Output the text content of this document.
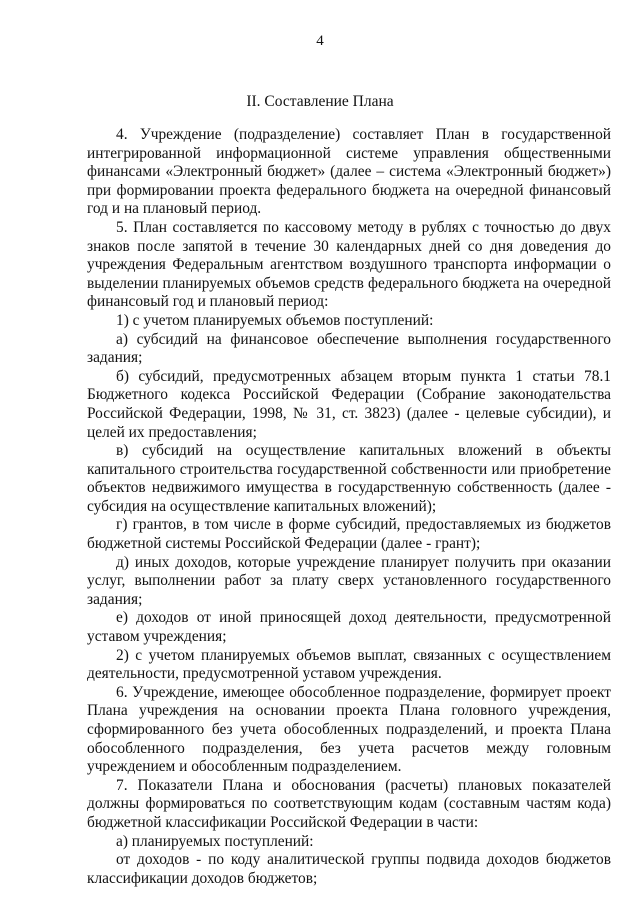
4
II. Составление Плана

4. Учреждение (подразделение) составляет План в государственной интегрированной информационной системе управления общественными финансами «Электронный бюджет» (далее – система «Электронный бюджет») при формировании проекта федерального бюджета на очередной финансовый год и на плановый период.

5. План составляется по кассовому методу в рублях с точностью до двух знаков после запятой в течение 30 календарных дней со дня доведения до учреждения Федеральным агентством воздушного транспорта информации о выделении планируемых объемов средств федерального бюджета на очередной финансовый год и плановый период:

1) с учетом планируемых объемов поступлений:

а) субсидий на финансовое обеспечение выполнения государственного задания;

б) субсидий, предусмотренных абзацем вторым пункта 1 статьи 78.1 Бюджетного кодекса Российской Федерации (Собрание законодательства Российской Федерации, 1998, № 31, ст. 3823) (далее - целевые субсидии), и целей их предоставления;

в) субсидий на осуществление капитальных вложений в объекты капитального строительства государственной собственности или приобретение объектов недвижимого имущества в государственную собственность (далее - субсидия на осуществление капитальных вложений);

г) грантов, в том числе в форме субсидий, предоставляемых из бюджетов бюджетной системы Российской Федерации (далее - грант);

д) иных доходов, которые учреждение планирует получить при оказании услуг, выполнении работ за плату сверх установленного государственного задания;

е) доходов от иной приносящей доход деятельности, предусмотренной уставом учреждения;

2) с учетом планируемых объемов выплат, связанных с осуществлением деятельности, предусмотренной уставом учреждения.

6. Учреждение, имеющее обособленное подразделение, формирует проект Плана учреждения на основании проекта Плана головного учреждения, сформированного без учета обособленных подразделений, и проекта Плана обособленного подразделения, без учета расчетов между головным учреждением и обособленным подразделением.

7. Показатели Плана и обоснования (расчеты) плановых показателей должны формироваться по соответствующим кодам (составным частям кода) бюджетной классификации Российской Федерации в части:

а) планируемых поступлений:

от доходов - по коду аналитической группы подвида доходов бюджетов классификации доходов бюджетов;
